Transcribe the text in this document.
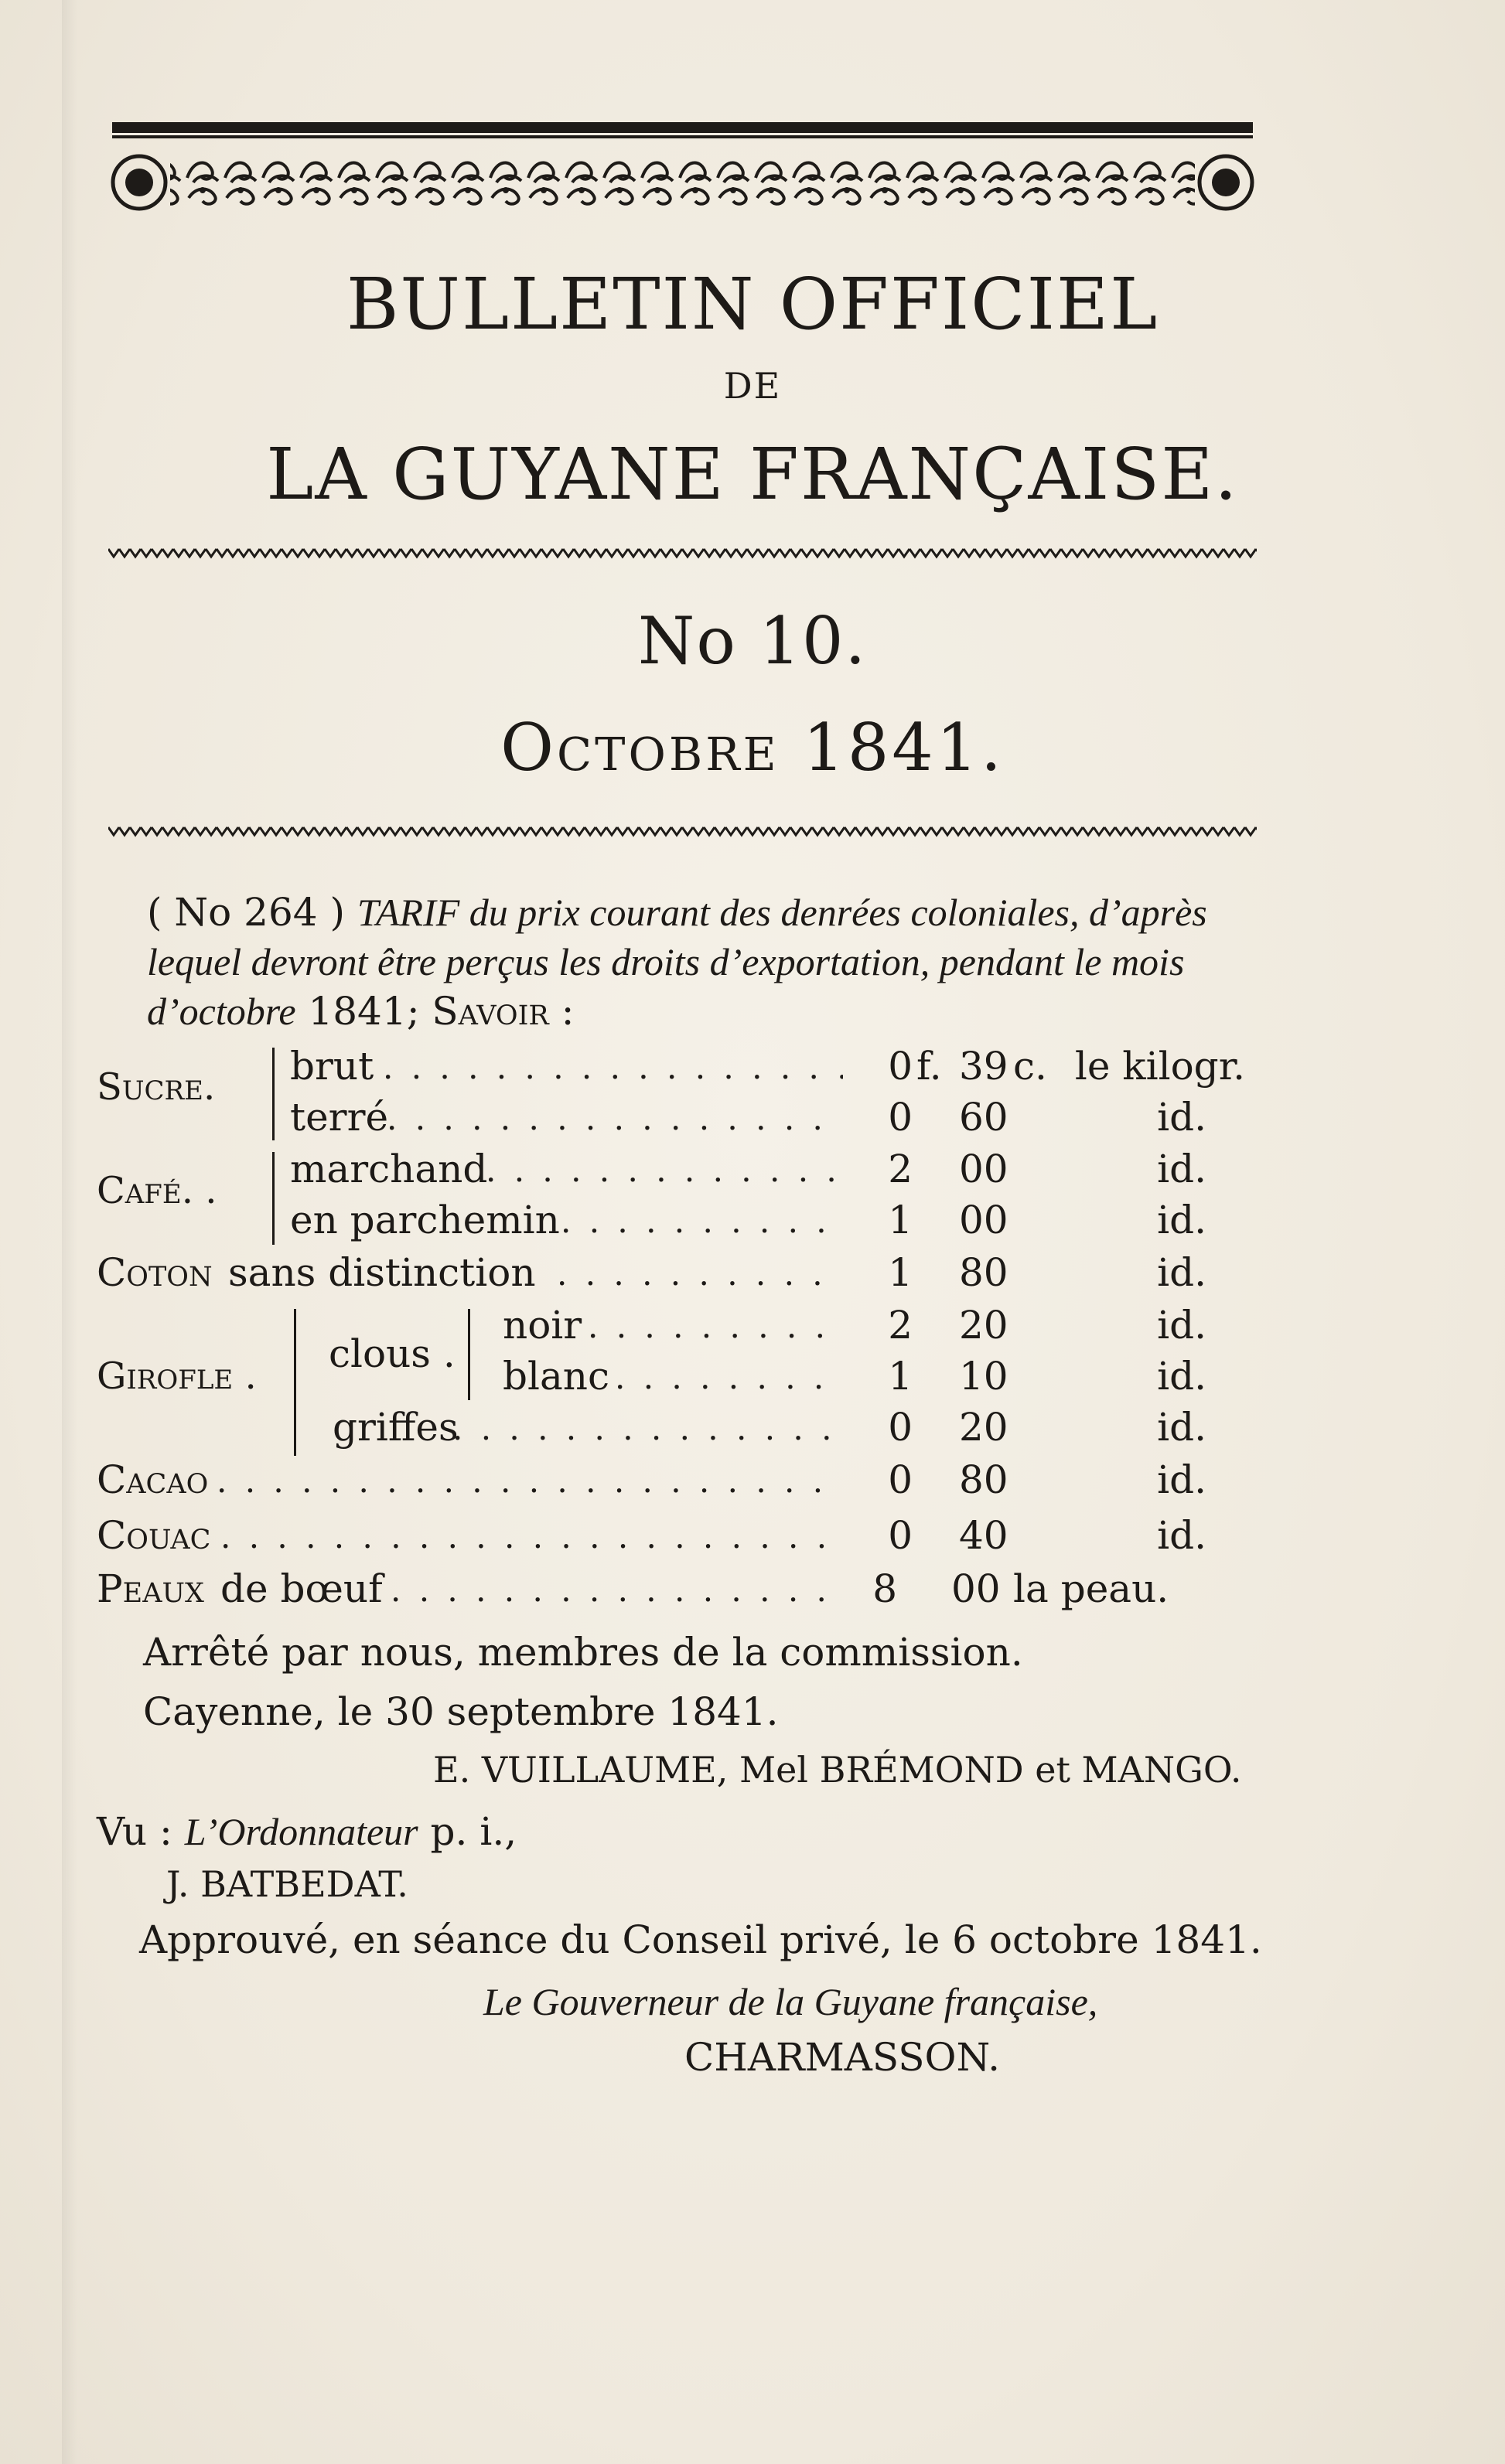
BULLETIN OFFICIEL
DE
LA GUYANE FRANÇAISE.
No 10.
Octobre 1841.
( No 264 ) TARIF du prix courant des denrées coloniales, d’après lequel devront être perçus les droits d’exportation, pendant le mois d’octobre 1841; Savoir :
Sucre. brut . . .	0 f. 39 c. le kilogr.
terré . . .	0 60	id.
Café. . marchand . . .	2 00	id.
en parchemin . . .	1 00	id.
Coton sans distinction . . .	1 80	id.
Girofle . clous .
noir . . .	2 20	id.
blanc . . .	1 10	id.
griffes . . .	0 20	id.
Cacao . . .	0 80	id.
Couac . . .	0 40	id.
Peaux de bœuf . . .	8 00 la peau.
Arrêté par nous, membres de la commission.
Cayenne, le 30 septembre 1841.
E. VUILLAUME, Mel BRÉMOND et MANGO.
Vu : L’Ordonnateur p. i.,
J. BATBEDAT.
Approuvé, en séance du Conseil privé, le 6 octobre 1841.
Le Gouverneur de la Guyane française,
CHARMASSON.
